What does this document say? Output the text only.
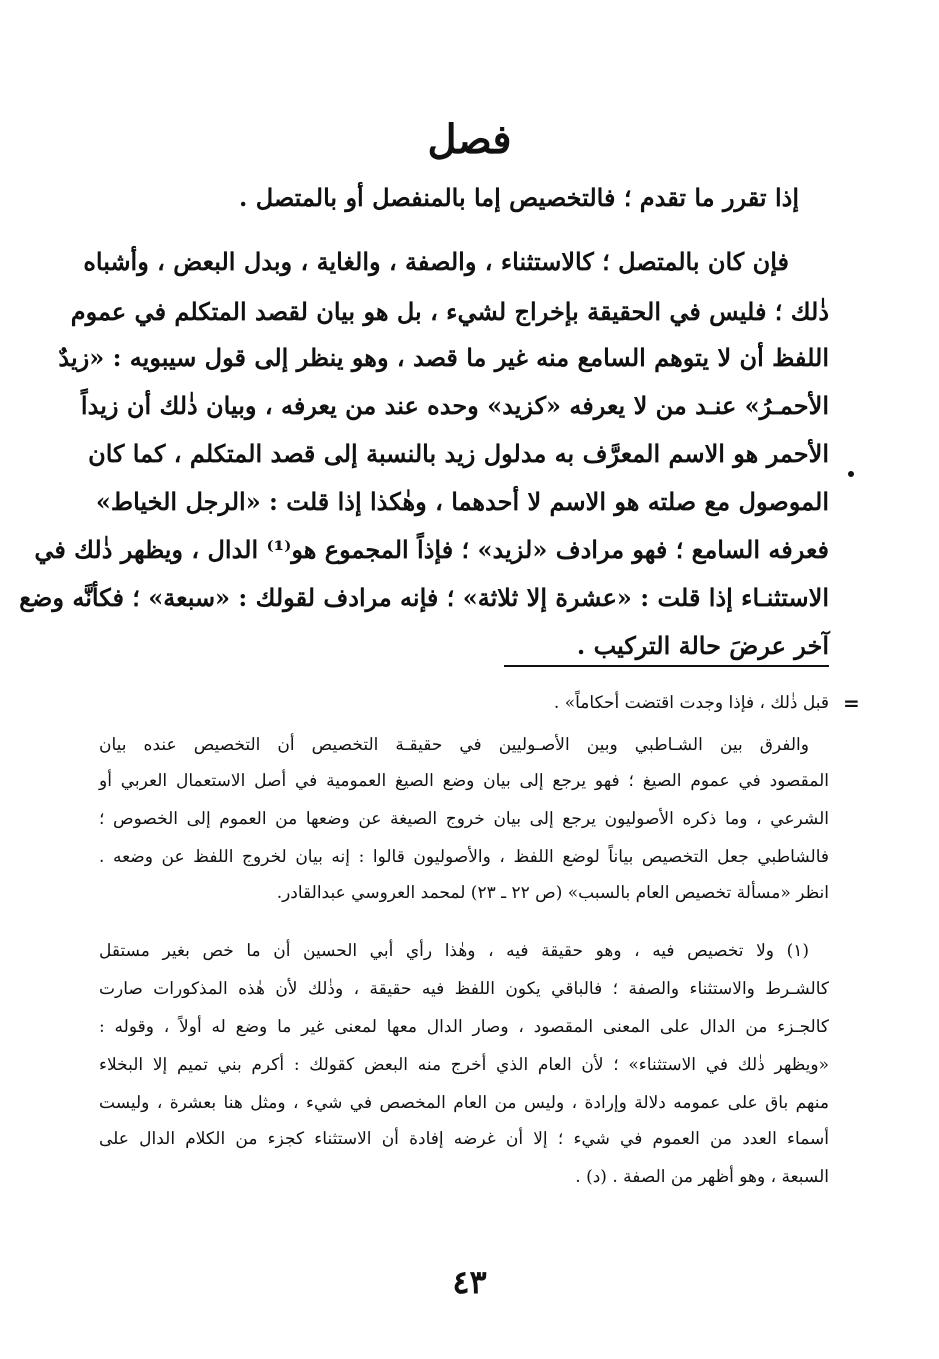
فصل
إذا تقرر ما تقدم ؛ فالتخصيص إما بالمنفصل أو بالمتصل .
فإن كان بالمتصل ؛ كالاستثناء ، والصفة ، والغاية ، وبدل البعض ، وأشباه
ذٰلك ؛ فليس في الحقيقة بإخراج لشيء ، بل هو بيان لقصد المتكلم في عموم
اللفظ أن لا يتوهم السامع منه غير ما قصد ، وهو ينظر إلى قول سيبويه : «زيدٌ
الأحمـرُ» عنـد من لا يعرفه «كزيد» وحده عند من يعرفه ، وبيان ذٰلك أن زيداً
الأحمر هو الاسم المعرَّف به مدلول زيد بالنسبة إلى قصد المتكلم ، كما كان
الموصول مع صلته هو الاسم لا أحدهما ، وهٰكذا إذا قلت : «الرجل الخياط»
فعرفه السامع ؛ فهو مرادف «لزيد» ؛ فإذاً المجموع هو⁽¹⁾ الدال ، ويظهر ذٰلك في
الاستثنـاء إذا قلت : «عشرة إلا ثلاثة» ؛ فإنه مرادف لقولك : «سبعة» ؛ فكأنَّه وضع
آخر عرضَ حالة التركيب .
=
قبل ذٰلك ، فإذا وجدت اقتضت أحكاماً» .
والفرق بين الشـاطبي وبين الأصـوليين في حقيقـة التخصيص أن التخصيص عنده بيان
المقصود في عموم الصيغ ؛ فهو يرجع إلى بيان وضع الصيغ العمومية في أصل الاستعمال العربي أو
الشرعي ، وما ذكره الأصوليون يرجع إلى بيان خروج الصيغة عن وضعها من العموم إلى الخصوص ؛
فالشاطبي جعل التخصيص بياناً لوضع اللفظ ، والأصوليون قالوا : إنه بيان لخروج اللفظ عن وضعه .
انظر «مسألة تخصيص العام بالسبب» (ص ٢٢ ـ ٢٣) لمحمد العروسي عبدالقادر.
(١) ولا تخصيص فيه ، وهو حقيقة فيه ، وهٰذا رأي أبي الحسين أن ما خص بغير مستقل
كالشـرط والاستثناء والصفة ؛ فالباقي يكون اللفظ فيه حقيقة ، وذٰلك لأن هٰذه المذكورات صارت
كالجـزء من الدال على المعنى المقصود ، وصار الدال معها لمعنى غير ما وضع له أولاً ، وقوله :
«ويظهر ذٰلك في الاستثناء» ؛ لأن العام الذي أخرج منه البعض كقولك : أكرم بني تميم إلا البخلاء
منهم باق على عمومه دلالة وإرادة ، وليس من العام المخصص في شيء ، ومثل هنا بعشرة ، وليست
أسماء العدد من العموم في شيء ؛ إلا أن غرضه إفادة أن الاستثناء كجزء من الكلام الدال على
السبعة ، وهو أظهر من الصفة . (د) .
٤٣
